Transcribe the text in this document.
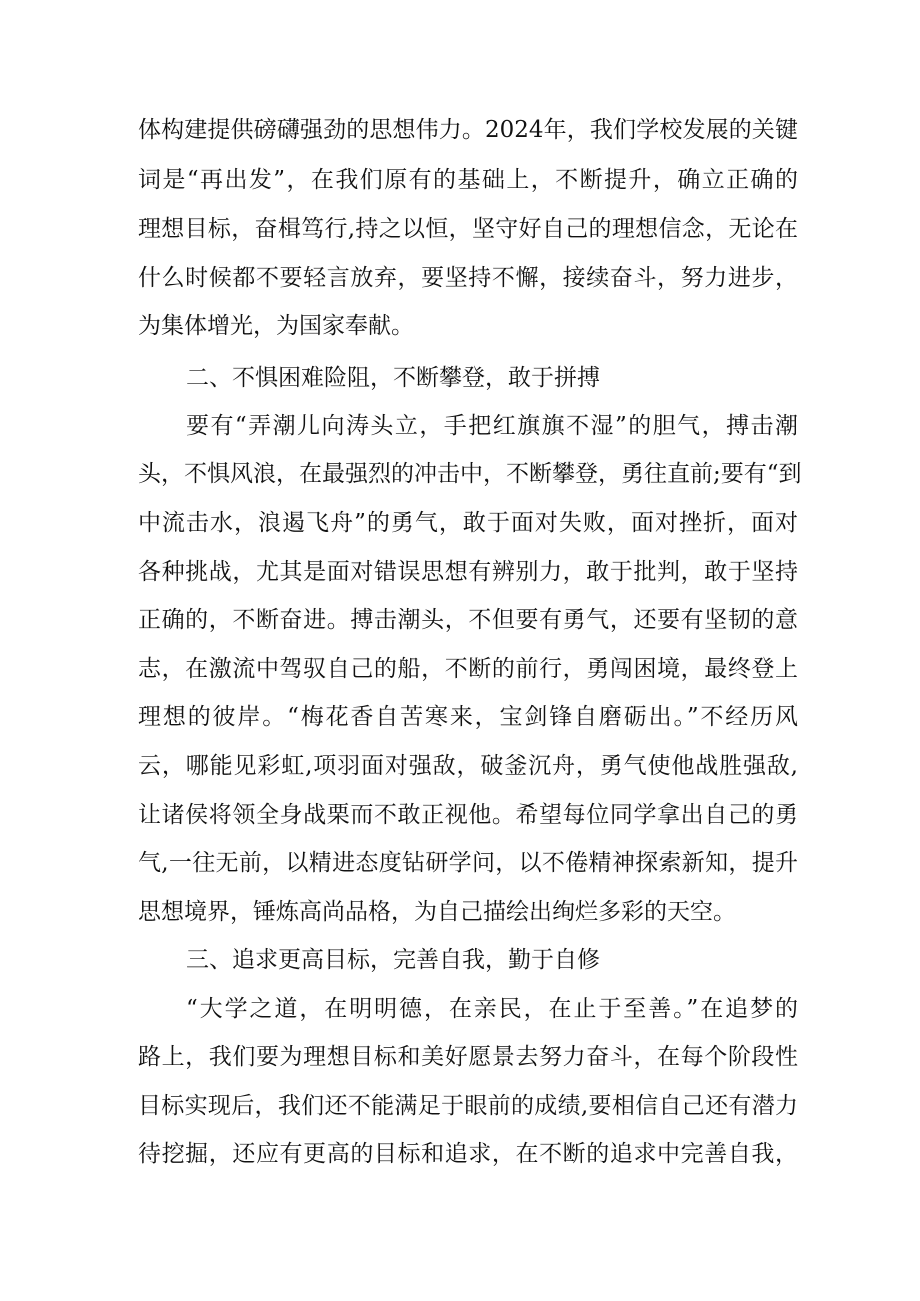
体构建提供磅礴强劲的思想伟力。2024年，我们学校发展的关键
词是“再出发”，在我们原有的基础上，不断提升，确立正确的
理想目标，奋楫笃行,持之以恒，坚守好自己的理想信念，无论在
什么时候都不要轻言放弃，要坚持不懈，接续奋斗，努力进步，
为集体增光，为国家奉献。
二、不惧困难险阻，不断攀登，敢于拼搏
要有“弄潮儿向涛头立，手把红旗旗不湿”的胆气，搏击潮
头，不惧风浪，在最强烈的冲击中，不断攀登，勇往直前;要有“到
中流击水，浪遏飞舟”的勇气，敢于面对失败，面对挫折，面对
各种挑战，尤其是面对错误思想有辨别力，敢于批判，敢于坚持
正确的，不断奋进。搏击潮头，不但要有勇气，还要有坚韧的意
志，在激流中驾驭自己的船，不断的前行，勇闯困境，最终登上
理想的彼岸。“梅花香自苦寒来，宝剑锋自磨砺出。”不经历风
云，哪能见彩虹,项羽面对强敌，破釜沉舟，勇气使他战胜强敌,
让诸侯将领全身战栗而不敢正视他。希望每位同学拿出自己的勇
气,一往无前，以精进态度钻研学问，以不倦精神探索新知，提升
思想境界，锤炼高尚品格，为自己描绘出绚烂多彩的天空。
三、追求更高目标，完善自我，勤于自修
“大学之道，在明明德，在亲民，在止于至善。”在追梦的
路上，我们要为理想目标和美好愿景去努力奋斗，在每个阶段性
目标实现后，我们还不能满足于眼前的成绩,要相信自己还有潜力
待挖掘，还应有更高的目标和追求，在不断的追求中完善自我，
